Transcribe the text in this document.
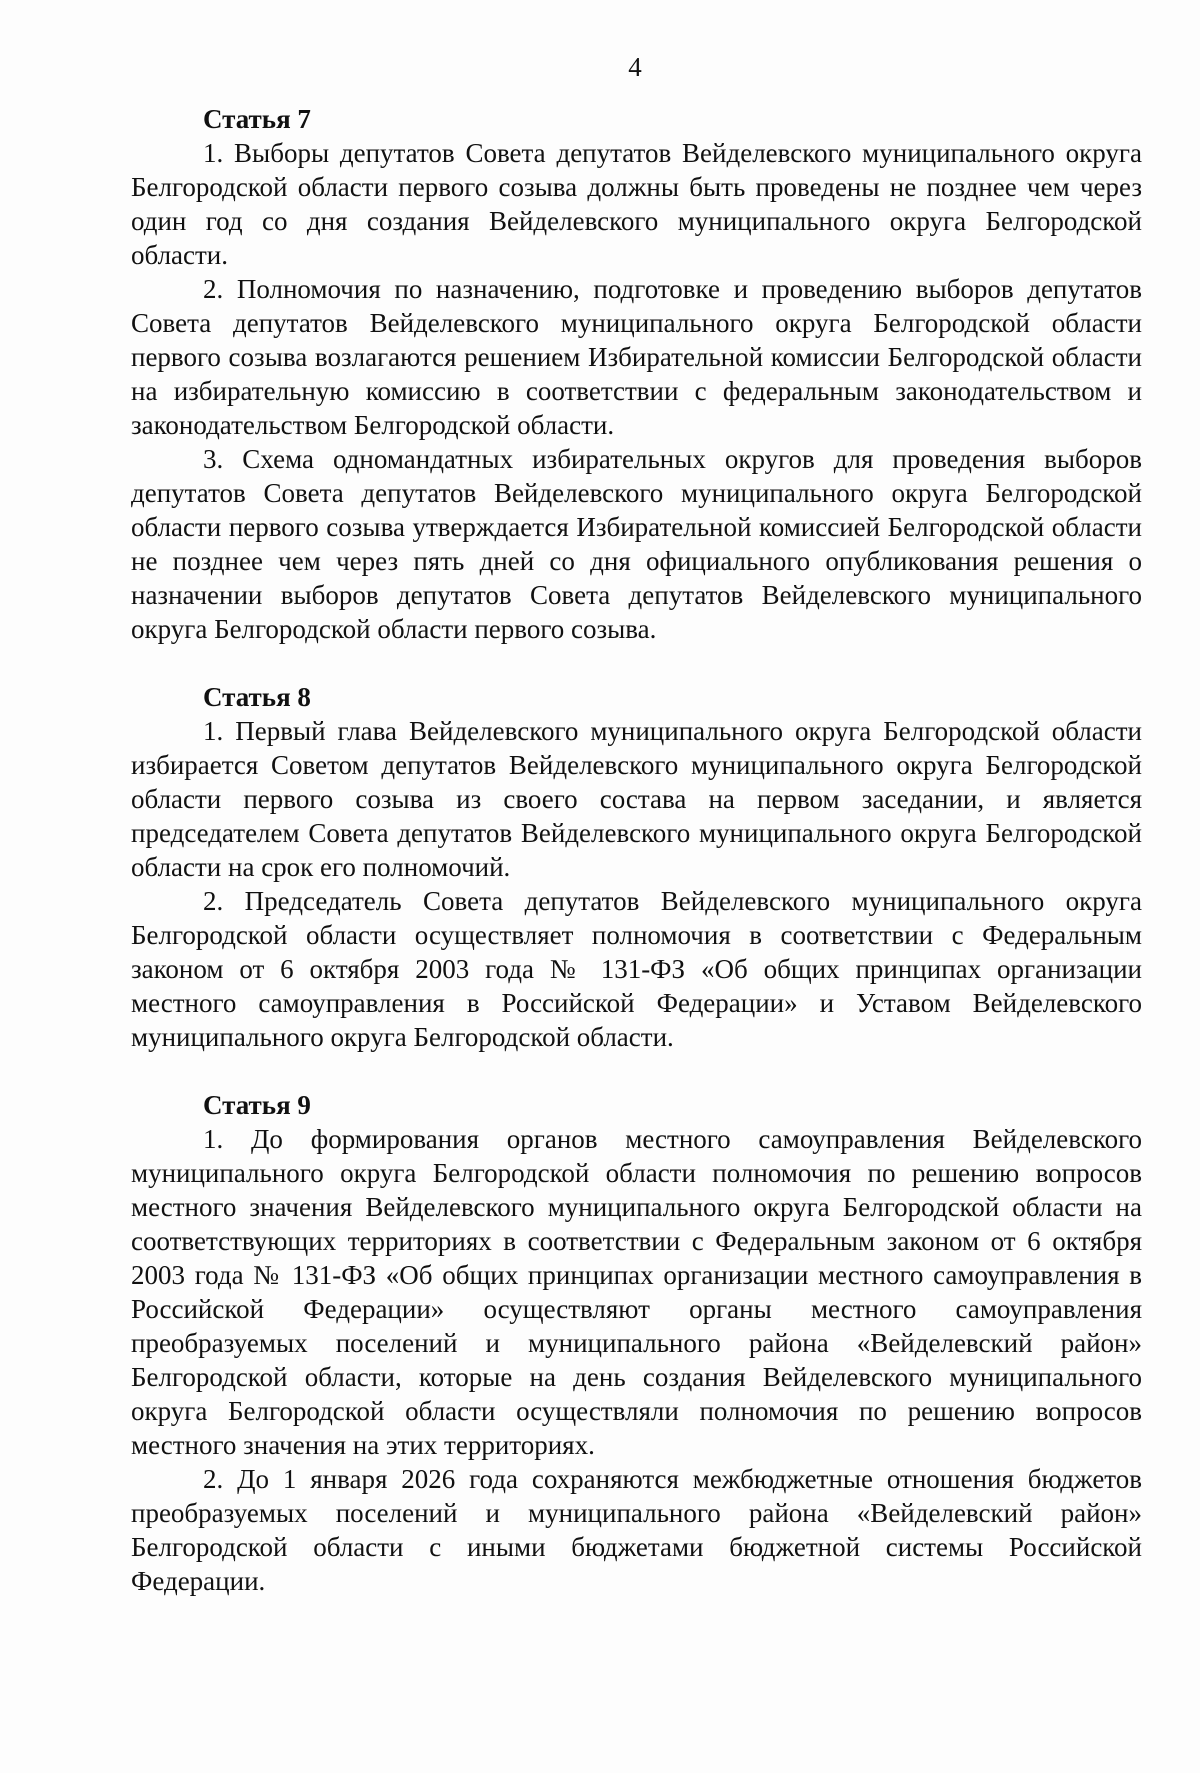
4
Статья 7

1. Выборы депутатов Совета депутатов Вейделевского муниципального округа Белгородской области первого созыва должны быть проведены не позднее чем через один год со дня создания Вейделевского муниципального округа Белгородской области.

2. Полномочия по назначению, подготовке и проведению выборов депутатов Совета депутатов Вейделевского муниципального округа Белгородской области первого созыва возлагаются решением Избирательной комиссии Белгородской области на избирательную комиссию в соответствии с федеральным законодательством и законодательством Белгородской области.

3. Схема одномандатных избирательных округов для проведения выборов депутатов Совета депутатов Вейделевского муниципального округа Белгородской области первого созыва утверждается Избирательной комиссией Белгородской области не позднее чем через пять дней со дня официального опубликования решения о назначении выборов депутатов Совета депутатов Вейделевского муниципального округа Белгородской области первого созыва.

Статья 8

1. Первый глава Вейделевского муниципального округа Белгородской области избирается Советом депутатов Вейделевского муниципального округа Белгородской области первого созыва из своего состава на первом заседании, и является председателем Совета депутатов Вейделевского муниципального округа Белгородской области на срок его полномочий.

2. Председатель Совета депутатов Вейделевского муниципального округа Белгородской области осуществляет полномочия в соответствии с Федеральным законом от 6 октября 2003 года № 131-ФЗ «Об общих принципах организации местного самоуправления в Российской Федерации» и Уставом Вейделевского муниципального округа Белгородской области.

Статья 9

1. До формирования органов местного самоуправления Вейделевского муниципального округа Белгородской области полномочия по решению вопросов местного значения Вейделевского муниципального округа Белгородской области на соответствующих территориях в соответствии с Федеральным законом от 6 октября 2003 года № 131-ФЗ «Об общих принципах организации местного самоуправления в Российской Федерации» осуществляют органы местного самоуправления преобразуемых поселений и муниципального района «Вейделевский район» Белгородской области, которые на день создания Вейделевского муниципального округа Белгородской области осуществляли полномочия по решению вопросов местного значения на этих территориях.

2. До 1 января 2026 года сохраняются межбюджетные отношения бюджетов преобразуемых поселений и муниципального района «Вейделевский район» Белгородской области с иными бюджетами бюджетной системы Российской Федерации.
